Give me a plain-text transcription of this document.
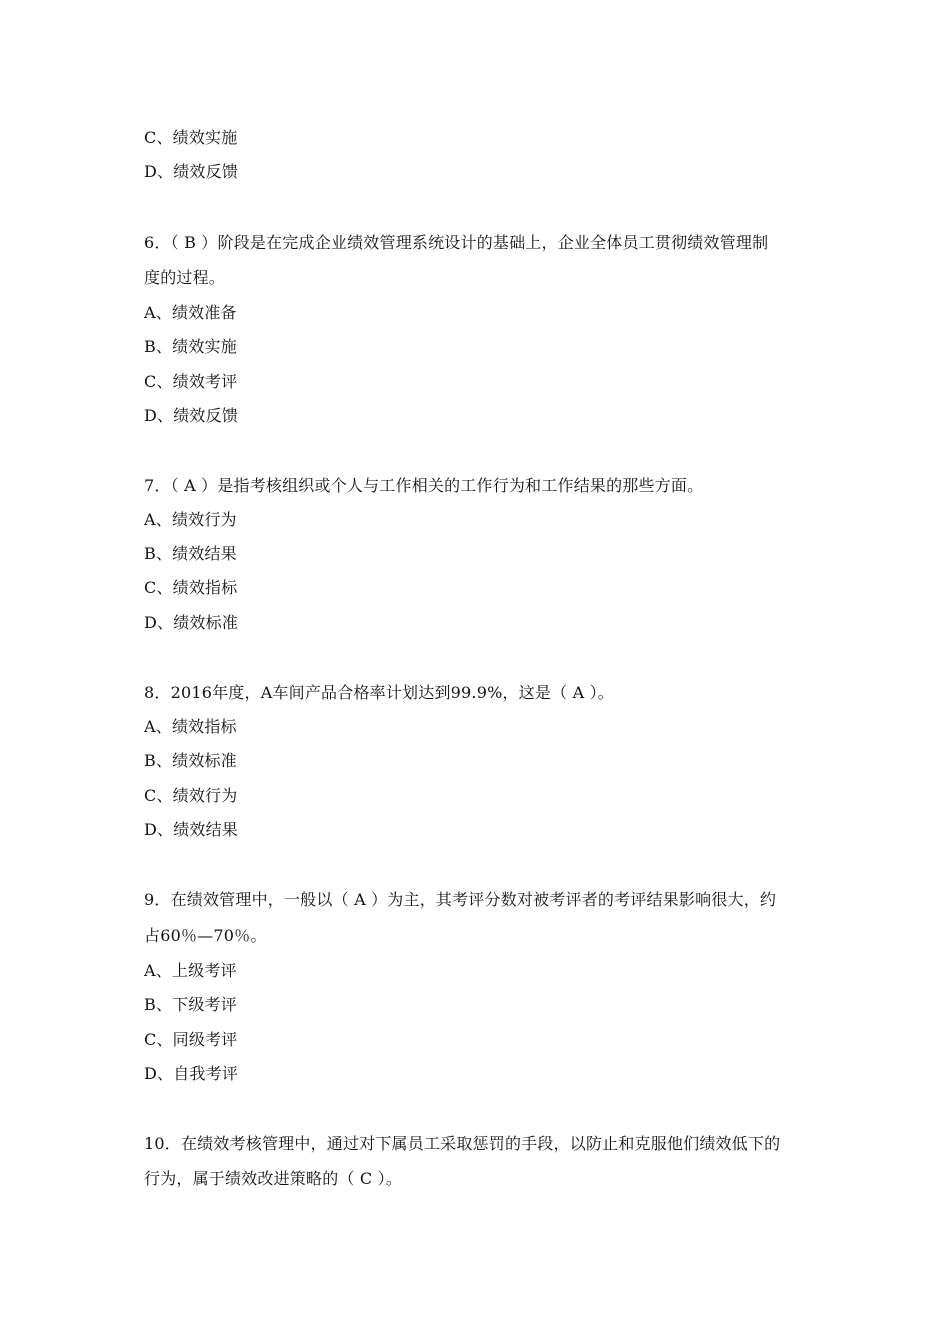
C、绩效实施
D、绩效反馈
6．（ B ）阶段是在完成企业绩效管理系统设计的基础上，企业全体员工贯彻绩效管理制
度的过程。
A、绩效准备
B、绩效实施
C、绩效考评
D、绩效反馈
7．（ A ）是指考核组织或个人与工作相关的工作行为和工作结果的那些方面。
A、绩效行为
B、绩效结果
C、绩效指标
D、绩效标准
8．2016年度，A车间产品合格率计划达到99.9%，这是（ A ）。
A、绩效指标
B、绩效标准
C、绩效行为
D、绩效结果
9．在绩效管理中，一般以（ A ）为主，其考评分数对被考评者的考评结果影响很大，约
占60％—70％。
A、上级考评
B、下级考评
C、同级考评
D、自我考评
10．在绩效考核管理中，通过对下属员工采取惩罚的手段，以防止和克服他们绩效低下的
行为，属于绩效改进策略的（ C ）。
